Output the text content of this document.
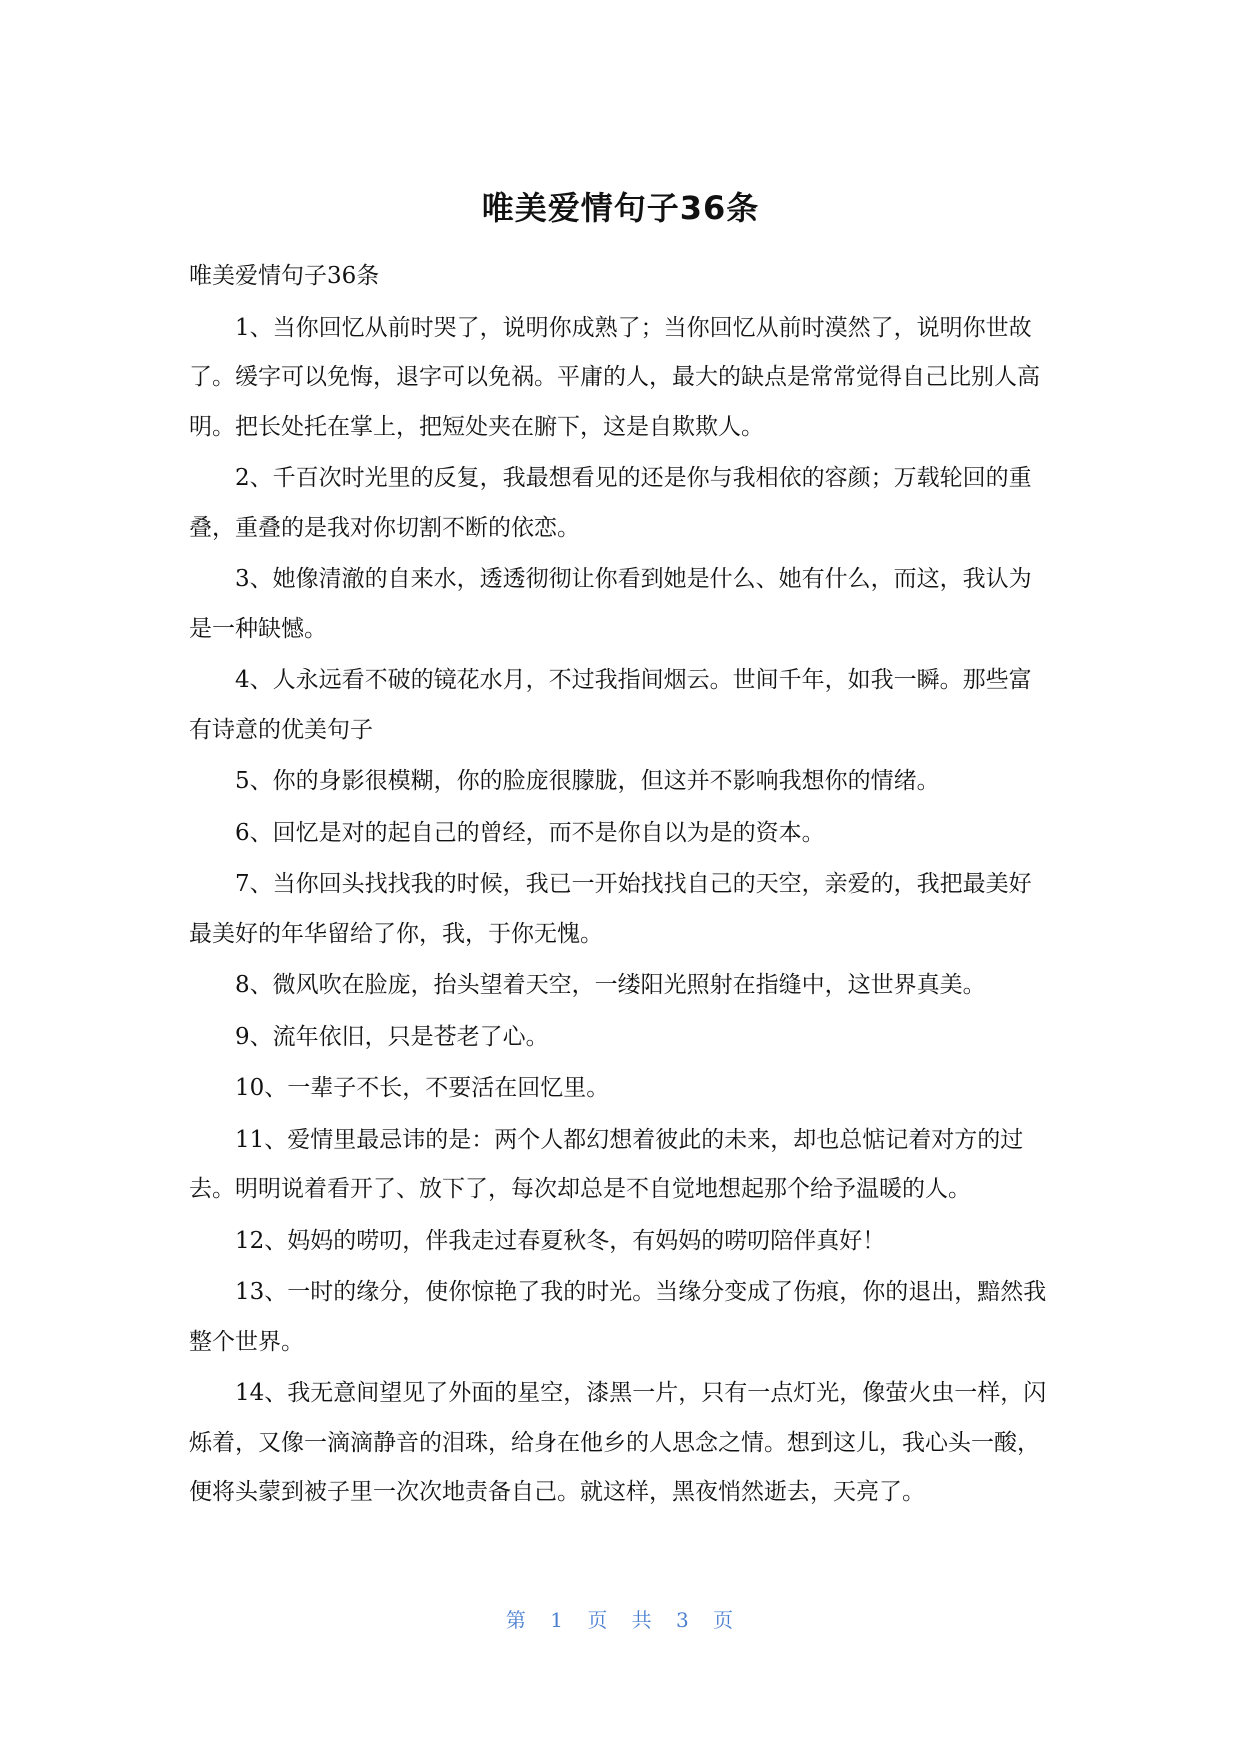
唯美爱情句子36条

唯美爱情句子36条

1、当你回忆从前时哭了，说明你成熟了；当你回忆从前时漠然了，说明你世故了。缓字可以免悔，退字可以免祸。平庸的人，最大的缺点是常常觉得自己比别人高明。把长处托在掌上，把短处夹在腑下，这是自欺欺人。

2、千百次时光里的反复，我最想看见的还是你与我相依的容颜；万载轮回的重叠，重叠的是我对你切割不断的依恋。

3、她像清澈的自来水，透透彻彻让你看到她是什么、她有什么，而这，我认为是一种缺憾。

4、人永远看不破的镜花水月，不过我指间烟云。世间千年，如我一瞬。那些富有诗意的优美句子

5、你的身影很模糊，你的脸庞很朦胧，但这并不影响我想你的情绪。

6、回忆是对的起自己的曾经，而不是你自以为是的资本。

7、当你回头找找我的时候，我已一开始找找自己的天空，亲爱的，我把最美好最美好的年华留给了你，我，于你无愧。

8、微风吹在脸庞，抬头望着天空，一缕阳光照射在指缝中，这世界真美。

9、流年依旧，只是苍老了心。

10、一辈子不长，不要活在回忆里。

11、爱情里最忌讳的是：两个人都幻想着彼此的未来，却也总惦记着对方的过去。明明说着看开了、放下了，每次却总是不自觉地想起那个给予温暖的人。

12、妈妈的唠叨，伴我走过春夏秋冬，有妈妈的唠叨陪伴真好！

13、一时的缘分，使你惊艳了我的时光。当缘分变成了伤痕，你的退出，黯然我整个世界。

14、我无意间望见了外面的星空，漆黑一片，只有一点灯光，像萤火虫一样，闪烁着，又像一滴滴静音的泪珠，给身在他乡的人思念之情。想到这儿，我心头一酸，便将头蒙到被子里一次次地责备自己。就这样，黑夜悄然逝去，天亮了。

第 1 页 共 3 页
